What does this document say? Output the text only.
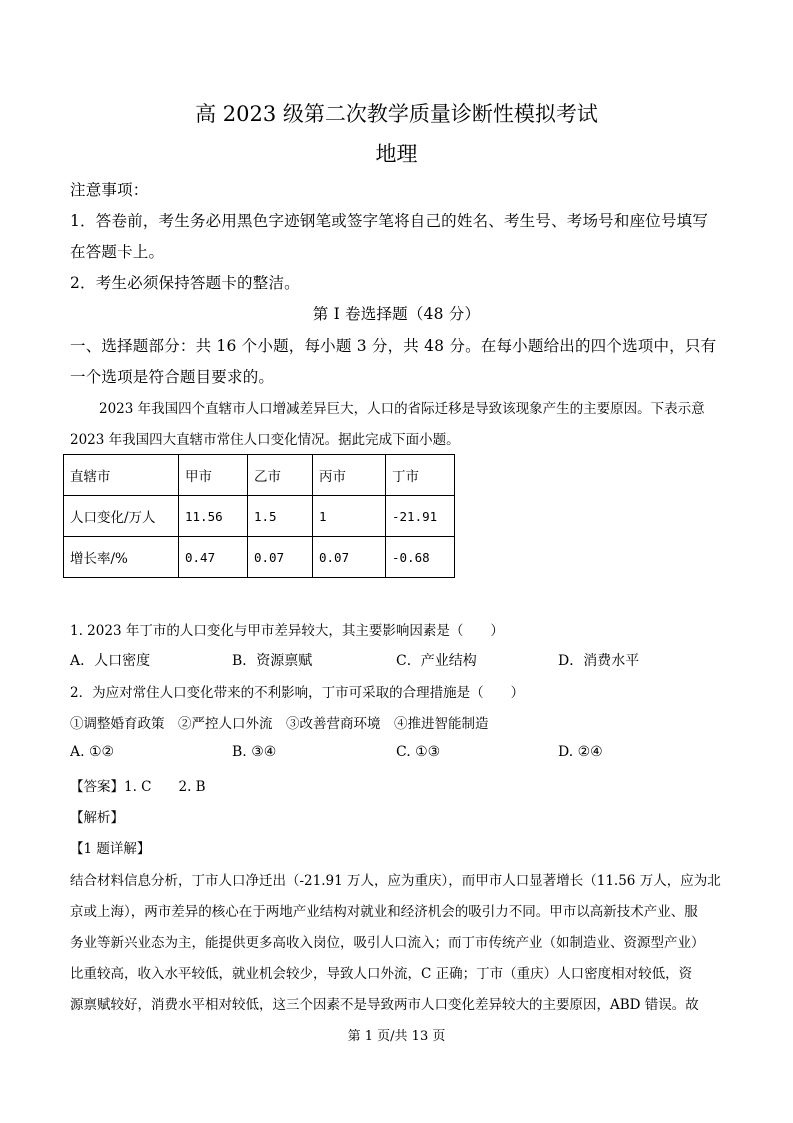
高 2023 级第二次教学质量诊断性模拟考试
地理
注意事项：
1．答卷前，考生务必用黑色字迹钢笔或签字笔将自己的姓名、考生号、考场号和座位号填写
在答题卡上。
2．考生必须保持答题卡的整洁。
第 I 卷选择题（48 分）
一、选择题部分：共 16 个小题，每小题 3 分，共 48 分。在每小题给出的四个选项中，只有
一个选项是符合题目要求的。
2023 年我国四个直辖市人口增减差异巨大，人口的省际迁移是导致该现象产生的主要原因。下表示意
2023 年我国四大直辖市常住人口变化情况。据此完成下面小题。
直辖市	甲市	乙市	丙市	丁市
人口变化/万人	11.56	1.5	1	-21.91
增长率/%	0.47	0.07	0.07	-0.68
1. 2023 年丁市的人口变化与甲市差异较大，其主要影响因素是（　　）
A．人口密度	B．资源禀赋	C．产业结构	D．消费水平
2．为应对常住人口变化带来的不利影响，丁市可采取的合理措施是（　　）
①调整婚育政策　②严控人口外流　③改善营商环境　④推进智能制造
A. ①②	B. ③④	C. ①③	D. ②④
【答案】1. C　　2. B
【解析】
【1 题详解】
结合材料信息分析，丁市人口净迁出（-21.91 万人，应为重庆），而甲市人口显著增长（11.56 万人，应为北
京或上海），两市差异的核心在于两地产业结构对就业和经济机会的吸引力不同。甲市以高新技术产业、服
务业等新兴业态为主，能提供更多高收入岗位，吸引人口流入；而丁市传统产业（如制造业、资源型产业）
比重较高，收入水平较低，就业机会较少，导致人口外流，C 正确；丁市（重庆）人口密度相对较低，资
源禀赋较好，消费水平相对较低，这三个因素不是导致两市人口变化差异较大的主要原因，ABD 错误。故
第 1 页/共 13 页
